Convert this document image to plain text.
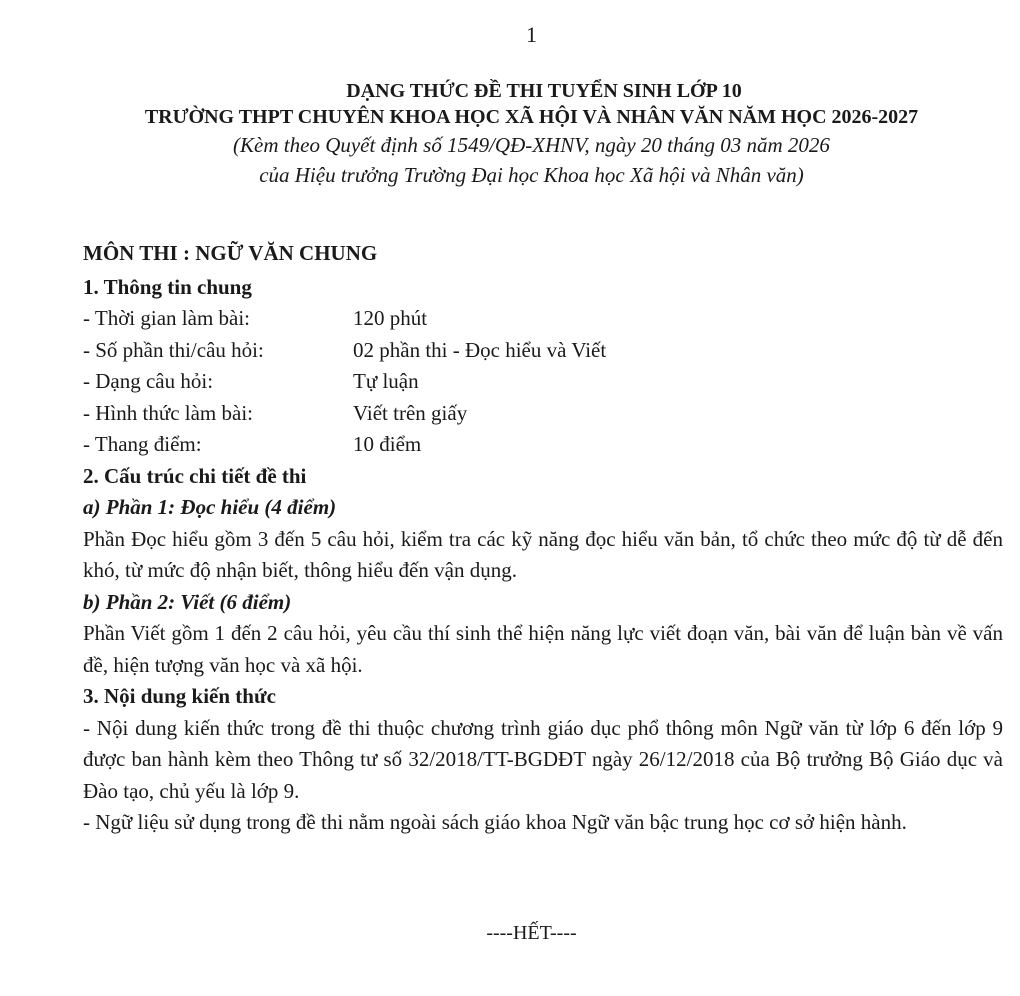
1
DẠNG THỨC ĐỀ THI TUYỂN SINH LỚP 10
TRƯỜNG THPT CHUYÊN KHOA HỌC XÃ HỘI VÀ NHÂN VĂN NĂM HỌC 2026-2027
(Kèm theo Quyết định số 1549/QĐ-XHNV, ngày 20 tháng 03 năm 2026
của Hiệu trưởng Trường Đại học Khoa học Xã hội và Nhân văn)
MÔN THI : NGỮ VĂN CHUNG
1. Thông tin chung
- Thời gian làm bài:	120 phút
- Số phần thi/câu hỏi:	02 phần thi - Đọc hiểu và Viết
- Dạng câu hỏi:	Tự luận
- Hình thức làm bài:	Viết trên giấy
- Thang điểm:	10 điểm
2. Cấu trúc chi tiết đề thi
a) Phần 1: Đọc hiểu (4 điểm)
Phần Đọc hiểu gồm 3 đến 5 câu hỏi, kiểm tra các kỹ năng đọc hiểu văn bản, tổ chức theo mức độ từ dễ đến khó, từ mức độ nhận biết, thông hiểu đến vận dụng.
b) Phần 2: Viết (6 điểm)
Phần Viết gồm 1 đến 2 câu hỏi, yêu cầu thí sinh thể hiện năng lực viết đoạn văn, bài văn để luận bàn về vấn đề, hiện tượng văn học và xã hội.
3. Nội dung kiến thức
- Nội dung kiến thức trong đề thi thuộc chương trình giáo dục phổ thông môn Ngữ văn từ lớp 6 đến lớp 9 được ban hành kèm theo Thông tư số 32/2018/TT-BGDĐT ngày 26/12/2018 của Bộ trưởng Bộ Giáo dục và Đào tạo, chủ yếu là lớp 9.
- Ngữ liệu sử dụng trong đề thi nằm ngoài sách giáo khoa Ngữ văn bậc trung học cơ sở hiện hành.
----HẾT----
